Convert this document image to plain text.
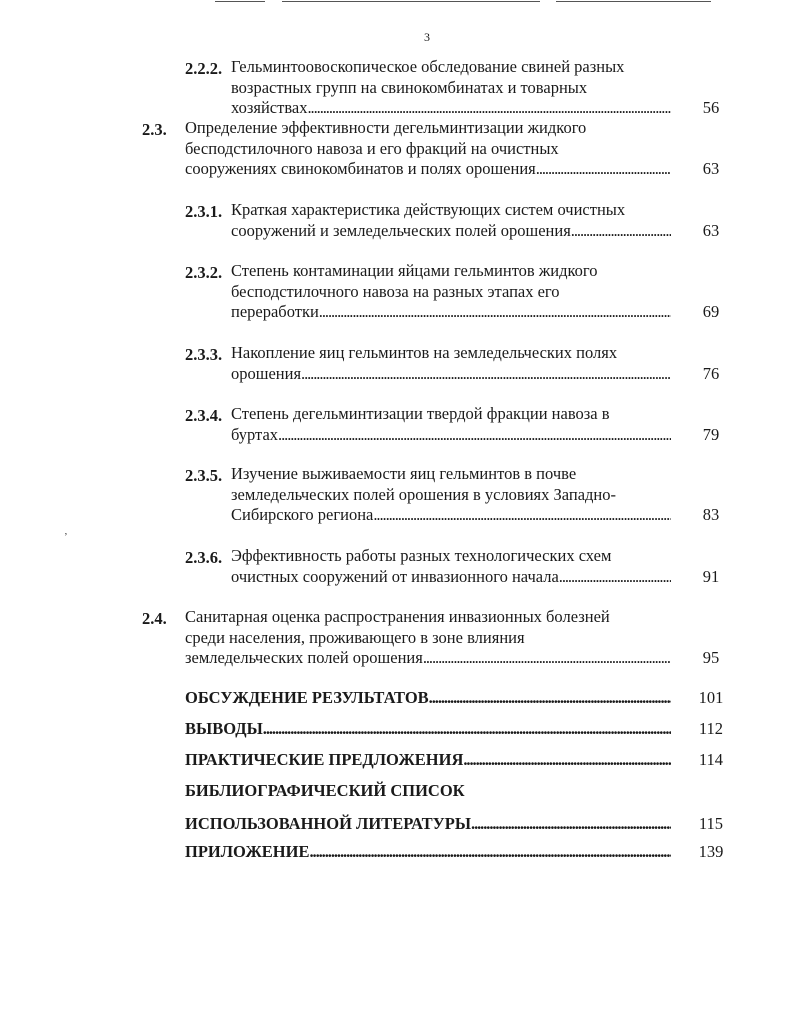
3
ʼ
2.2.2. Гельминтоовоскопическое обследование свиней разных
возрастных групп на свинокомбинатах и товарных
хозяйствах . . .	56
2.3. Определение эффективности дегельминтизации жидкого
бесподстилочного навоза и его фракций на очистных
сооружениях свинокомбинатов и полях орошения . . .	63
2.3.1. Краткая характеристика действующих систем очистных
сооружений и земледельческих полей орошения . . .	63
2.3.2. Степень контаминации яйцами гельминтов жидкого
бесподстилочного навоза на разных этапах его
переработки . . .	69
2.3.3. Накопление яиц гельминтов на земледельческих полях
орошения . . .	76
2.3.4. Степень дегельминтизации твердой фракции навоза в
буртах . . .	79
2.3.5. Изучение выживаемости яиц гельминтов в почве
земледельческих полей орошения в условиях Западно-
Сибирского региона . . .	83
2.3.6. Эффективность работы разных технологических схем
очистных сооружений от инвазионного начала . . .	91
2.4. Санитарная оценка распространения инвазионных болезней
среди населения, проживающего в зоне влияния
земледельческих полей орошения . . .	95
ОБСУЖДЕНИЕ РЕЗУЛЬТАТОВ . . .	101
ВЫВОДЫ . . .	112
ПРАКТИЧЕСКИЕ ПРЕДЛОЖЕНИЯ . . .	114
БИБЛИОГРАФИЧЕСКИЙ СПИСОК
ИСПОЛЬЗОВАННОЙ ЛИТЕРАТУРЫ . . .	115
ПРИЛОЖЕНИЕ . . .	139
